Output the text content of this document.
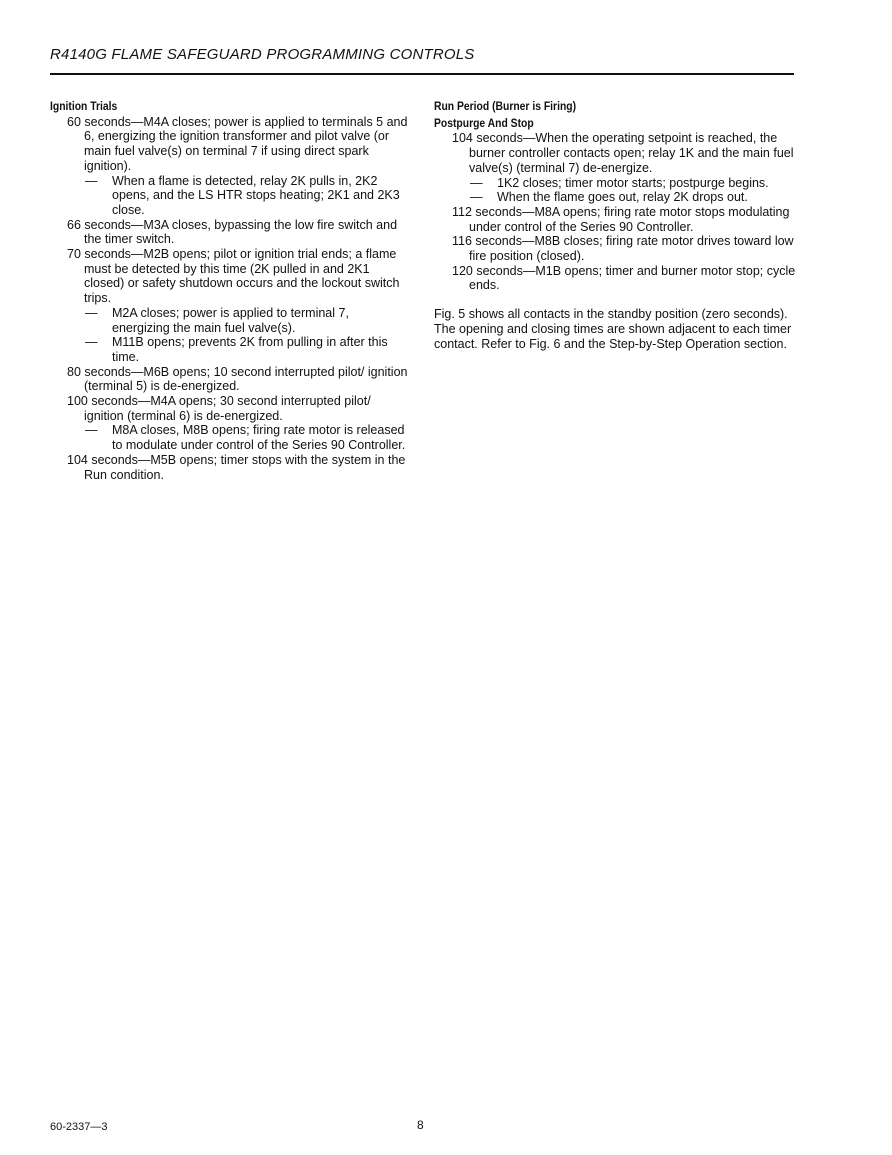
R4140G FLAME SAFEGUARD PROGRAMMING CONTROLS
Ignition Trials
60 seconds—M4A closes; power is applied to terminals 5 and 6, energizing the ignition transformer and pilot valve (or main fuel valve(s) on terminal 7 if using direct spark ignition).
— When a flame is detected, relay 2K pulls in, 2K2 opens, and the LS HTR stops heating; 2K1 and 2K3 close.
66 seconds—M3A closes, bypassing the low fire switch and the timer switch.
70 seconds—M2B opens; pilot or ignition trial ends; a flame must be detected by this time (2K pulled in and 2K1 closed) or safety shutdown occurs and the lockout switch trips.
— M2A closes; power is applied to terminal 7, energizing the main fuel valve(s).
— M11B opens; prevents 2K from pulling in after this time.
80 seconds—M6B opens; 10 second interrupted pilot/ ignition (terminal 5) is de-energized.
100 seconds—M4A opens; 30 second interrupted pilot/ ignition (terminal 6) is de-energized.
— M8A closes, M8B opens; firing rate motor is released to modulate under control of the Series 90 Controller.
104 seconds—M5B opens; timer stops with the system in the Run condition.
Run Period (Burner is Firing)
Postpurge And Stop
104 seconds—When the operating setpoint is reached, the burner controller contacts open; relay 1K and the main fuel valve(s) (terminal 7) de-energize.
— 1K2 closes; timer motor starts; postpurge begins.
— When the flame goes out, relay 2K drops out.
112 seconds—M8A opens; firing rate motor stops modulating under control of the Series 90 Controller.
116 seconds—M8B closes; firing rate motor drives toward low fire position (closed).
120 seconds—M1B opens; timer and burner motor stop; cycle ends.
Fig. 5 shows all contacts in the standby position (zero seconds). The opening and closing times are shown adjacent to each timer contact. Refer to Fig. 6 and the Step-by-Step Operation section.
60-2337—3	8
